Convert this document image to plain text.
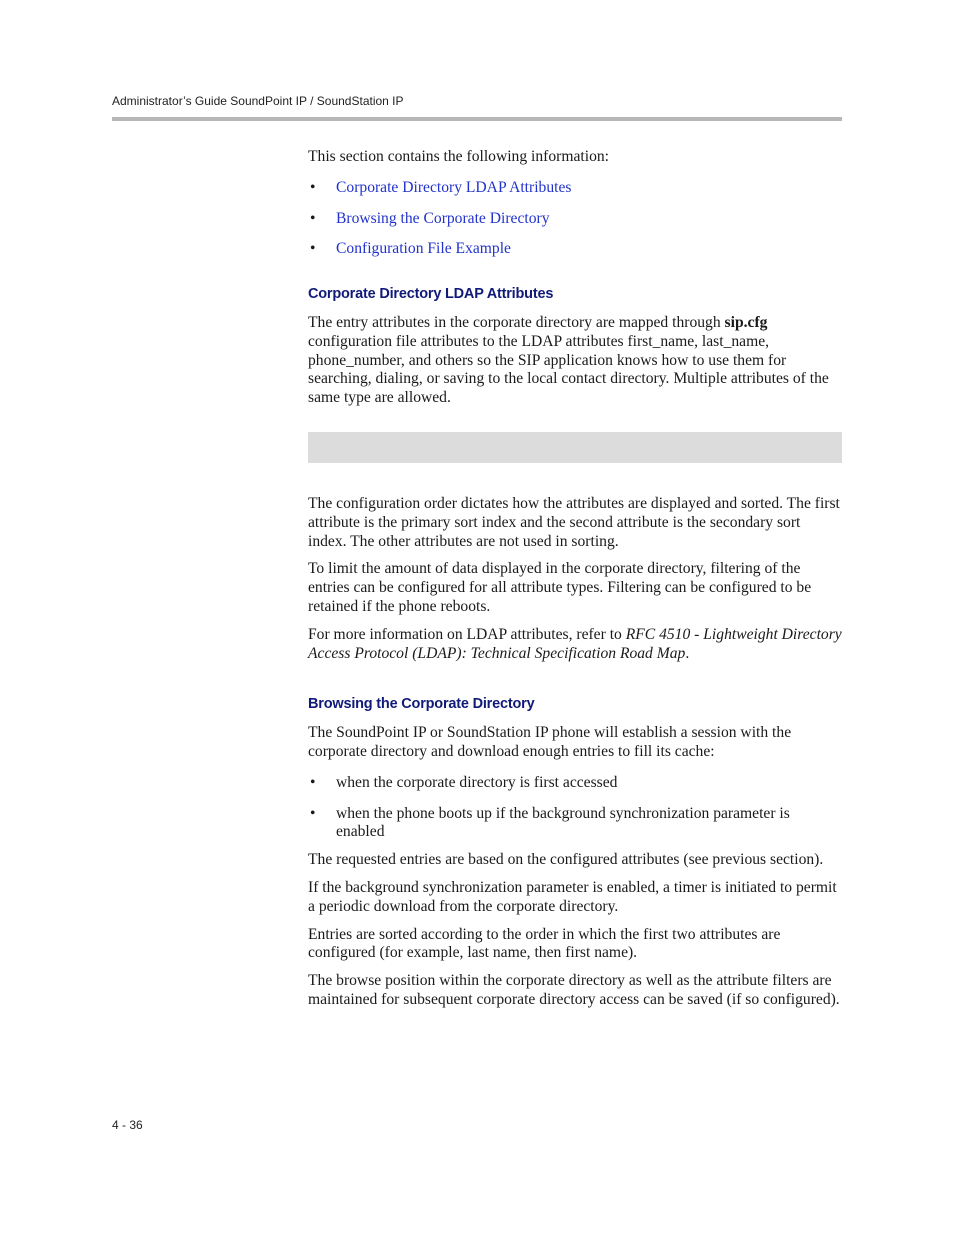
Administrator’s Guide SoundPoint IP / SoundStation IP

This section contains the following information:

• Corporate Directory LDAP Attributes
• Browsing the Corporate Directory
• Configuration File Example
Corporate Directory LDAP Attributes

The entry attributes in the corporate directory are mapped through sip.cfg configuration file attributes to the LDAP attributes first_name, last_name, phone_number, and others so the SIP application knows how to use them for searching, dialing, or saving to the local contact directory. Multiple attributes of the same type are allowed.

The configuration order dictates how the attributes are displayed and sorted. The first attribute is the primary sort index and the second attribute is the secondary sort index. The other attributes are not used in sorting.

To limit the amount of data displayed in the corporate directory, filtering of the entries can be configured for all attribute types. Filtering can be configured to be retained if the phone reboots.

For more information on LDAP attributes, refer to RFC 4510 - Lightweight Directory Access Protocol (LDAP): Technical Specification Road Map.

Browsing the Corporate Directory

The SoundPoint IP or SoundStation IP phone will establish a session with the corporate directory and download enough entries to fill its cache:

• when the corporate directory is first accessed
• when the phone boots up if the background synchronization parameter is enabled

The requested entries are based on the configured attributes (see previous section).

If the background synchronization parameter is enabled, a timer is initiated to permit a periodic download from the corporate directory.

Entries are sorted according to the order in which the first two attributes are configured (for example, last name, then first name).

The browse position within the corporate directory as well as the attribute filters are maintained for subsequent corporate directory access can be saved (if so configured).

4 - 36
